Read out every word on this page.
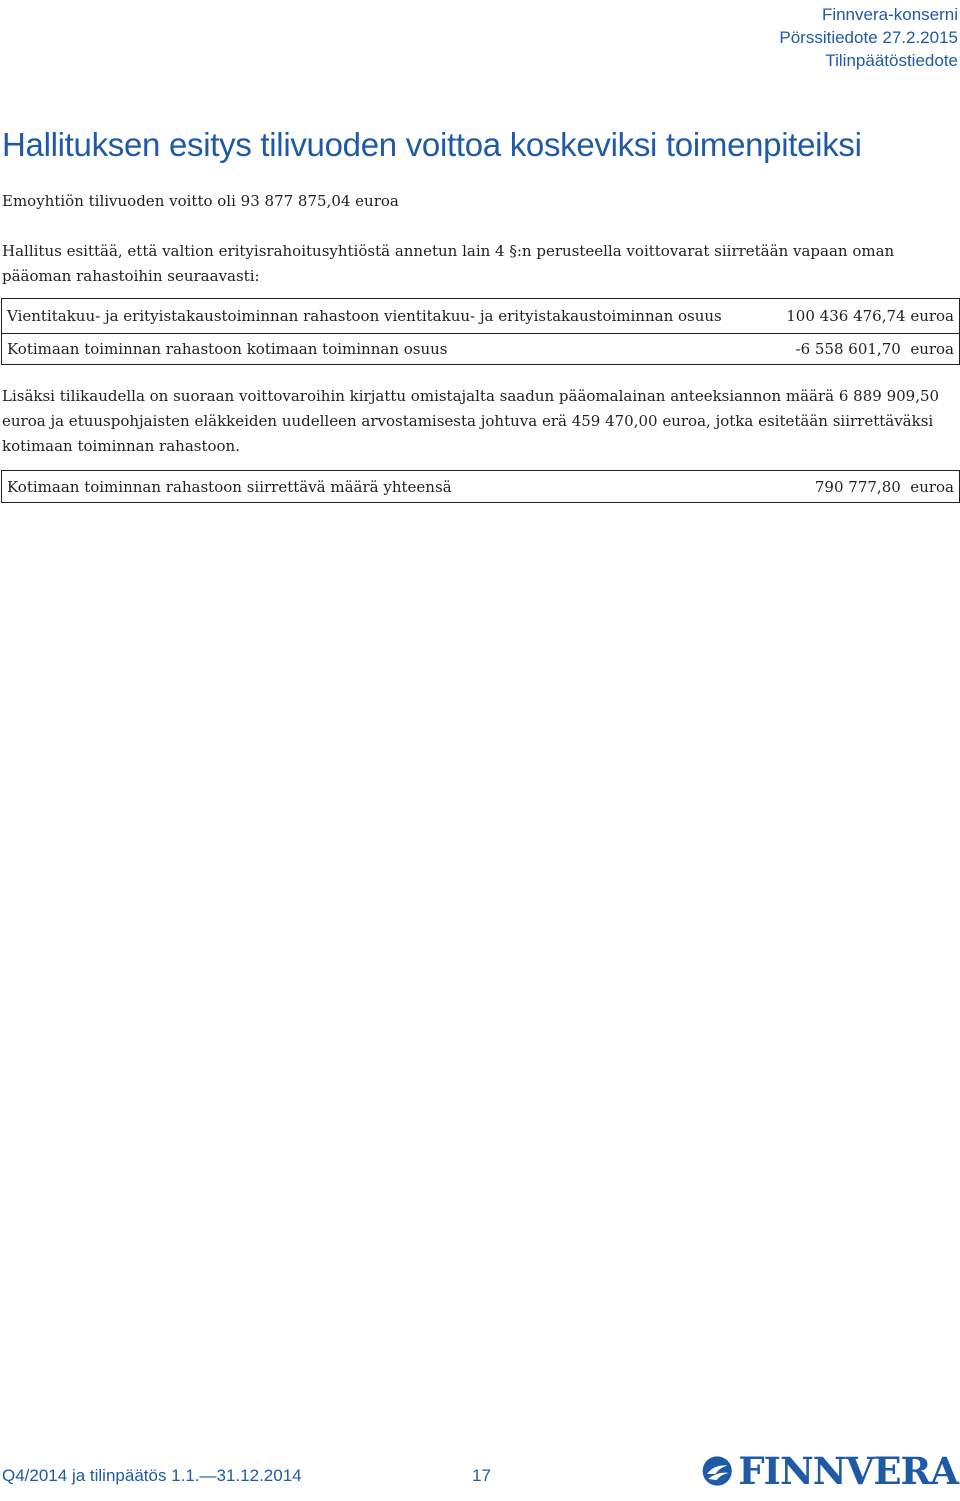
Finnvera-konserni
Pörssitiedote 27.2.2015
Tilinpäätöstiedote
Hallituksen esitys tilivuoden voittoa koskeviksi toimenpiteiksi

Emoyhtiön tilivuoden voitto oli 93 877 875,04 euroa

Hallitus esittää, että valtion erityisrahoitusyhtiöstä annetun lain 4 §:n perusteella voittovarat siirretään vapaan oman pääoman rahastoihin seuraavasti:

Vientitakuu- ja erityistakaustoiminnan rahastoon vientitakuu- ja erityistakaustoiminnan osuus	100 436 476,74 euroa
Kotimaan toiminnan rahastoon kotimaan toiminnan osuus	-6 558 601,70  euroa

Lisäksi tilikaudella on suoraan voittovaroihin kirjattu omistajalta saadun pääomalainan anteeksiannon määrä 6 889 909,50 euroa ja etuuspohjaisten eläkkeiden uudelleen arvostamisesta johtuva erä 459 470,00 euroa, jotka esitetään siirrettäväksi kotimaan toiminnan rahastoon.

Kotimaan toiminnan rahastoon siirrettävä määrä yhteensä	790 777,80  euroa
Q4/2014 ja tilinpäätös 1.1.—31.12.2014	17	FINNVERA
